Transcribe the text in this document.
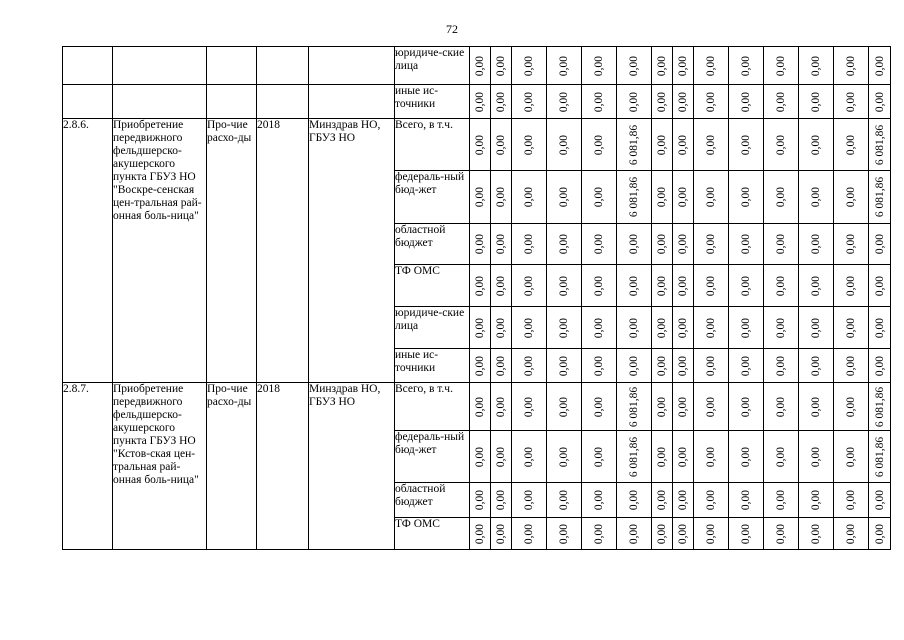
72
					юридиче-ские лица	0,00	0,00	0,00	0,00	0,00	0,00	0,00	0,00	0,00	0,00	0,00	0,00	0,00	0,00

					иные ис-точники	0,00	0,00	0,00	0,00	0,00	0,00	0,00	0,00	0,00	0,00	0,00	0,00	0,00	0,00

2.8.6.	Приобретение передвижного фельдшерско-акушерского пункта ГБУЗ НО "Воскре-сенская цен-тральная рай-онная боль-ница"	Про-чие расхо-ды	2018	Минздрав НО, ГБУЗ НО	Всего, в т.ч.	0,00	0,00	0,00	0,00	0,00	6 081,86	0,00	0,00	0,00	0,00	0,00	0,00	0,00	6 081,86

					федераль-ный бюд-жет	0,00	0,00	0,00	0,00	0,00	6 081,86	0,00	0,00	0,00	0,00	0,00	0,00	0,00	6 081,86

					областной бюджет	0,00	0,00	0,00	0,00	0,00	0,00	0,00	0,00	0,00	0,00	0,00	0,00	0,00	0,00

					ТФ ОМС	0,00	0,00	0,00	0,00	0,00	0,00	0,00	0,00	0,00	0,00	0,00	0,00	0,00	0,00

					юридиче-ские лица	0,00	0,00	0,00	0,00	0,00	0,00	0,00	0,00	0,00	0,00	0,00	0,00	0,00	0,00

					иные ис-точники	0,00	0,00	0,00	0,00	0,00	0,00	0,00	0,00	0,00	0,00	0,00	0,00	0,00	0,00

2.8.7.	Приобретение передвижного фельдшерско-акушерского пункта ГБУЗ НО "Кстов-ская цен-тральная рай-онная боль-ница"	Про-чие расхо-ды	2018	Минздрав НО, ГБУЗ НО	Всего, в т.ч.	0,00	0,00	0,00	0,00	0,00	6 081,86	0,00	0,00	0,00	0,00	0,00	0,00	0,00	6 081,86

					федераль-ный бюд-жет	0,00	0,00	0,00	0,00	0,00	6 081,86	0,00	0,00	0,00	0,00	0,00	0,00	0,00	6 081,86

					областной бюджет	0,00	0,00	0,00	0,00	0,00	0,00	0,00	0,00	0,00	0,00	0,00	0,00	0,00	0,00

					ТФ ОМС	0,00	0,00	0,00	0,00	0,00	0,00	0,00	0,00	0,00	0,00	0,00	0,00	0,00	0,00
